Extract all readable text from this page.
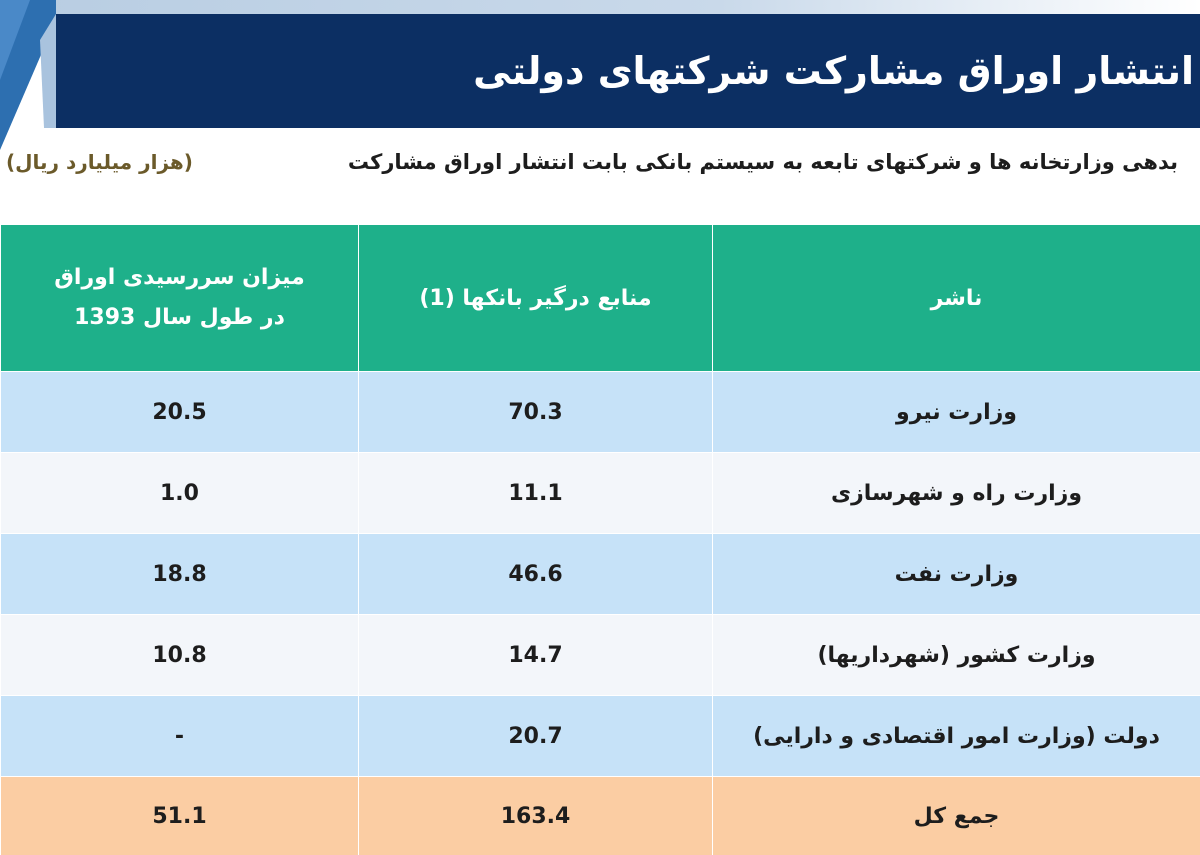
انتشار اوراق مشارکت شرکتهای دولتی
بدهی وزارتخانه ها و شرکتهای تابعه به سیستم بانکی بابت انتشار اوراق مشارکت
(هزار میلیارد ریال)
میزان سررسیدی اوراق
در طول سال 1393	منابع درگیر بانکها (1)	ناشر
20.5	70.3	وزارت نیرو
1.0	11.1	وزارت راه و شهرسازی
18.8	46.6	وزارت نفت
10.8	14.7	وزارت کشور (شهرداریها)
-	20.7	دولت (وزارت امور اقتصادی و دارایی)
51.1	163.4	جمع کل
